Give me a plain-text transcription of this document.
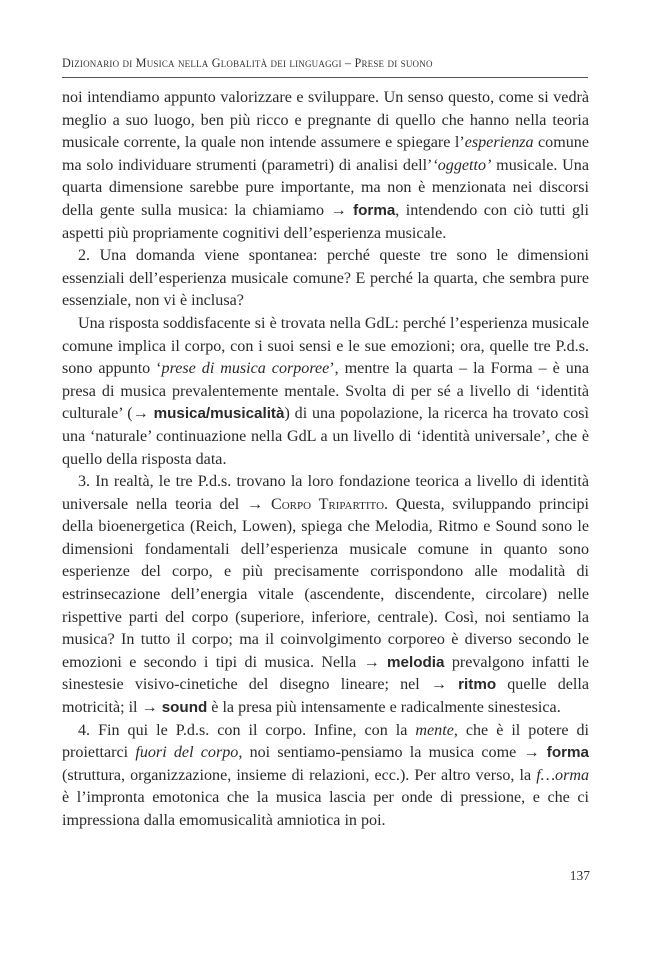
Dizionario di Musica nella Globalità dei linguaggi – Prese di suono

noi intendiamo appunto valorizzare e sviluppare. Un senso questo, come si vedrà meglio a suo luogo, ben più ricco e pregnante di quello che hanno nella teoria musicale corrente, la quale non intende assumere e spiegare l’esperienza comune ma solo individuare strumenti (parametri) di analisi dell’‘oggetto’ musicale. Una quarta dimensione sarebbe pure importante, ma non è menzionata nei discorsi della gente sulla musica: la chiamiamo → forma, intendendo con ciò tutti gli aspetti più propriamente cognitivi dell’esperienza musicale.

2. Una domanda viene spontanea: perché queste tre sono le dimensioni essenziali dell’esperienza musicale comune? E perché la quarta, che sembra pure essenziale, non vi è inclusa?

Una risposta soddisfacente si è trovata nella GdL: perché l’esperienza musicale comune implica il corpo, con i suoi sensi e le sue emozioni; ora, quelle tre P.d.s. sono appunto ‘prese di musica corporee’, mentre la quarta – la Forma – è una presa di musica prevalentemente mentale. Svolta di per sé a livello di ‘identità culturale’ (→ musica/musicalità) di una popolazione, la ricerca ha trovato così una ‘naturale’ continuazione nella GdL a un livello di ‘identità universale’, che è quello della risposta data.

3. In realtà, le tre P.d.s. trovano la loro fondazione teorica a livello di identità universale nella teoria del → Corpo Tripartito. Questa, sviluppando principi della bioenergetica (Reich, Lowen), spiega che Melodia, Ritmo e Sound sono le dimensioni fondamentali dell’esperienza musicale comune in quanto sono esperienze del corpo, e più precisamente corrispondono alle modalità di estrinsecazione dell’energia vitale (ascendente, discendente, circolare) nelle rispettive parti del corpo (superiore, inferiore, centrale). Così, noi sentiamo la musica? In tutto il corpo; ma il coinvolgimento corporeo è diverso secondo le emozioni e secondo i tipi di musica. Nella → melodia prevalgono infatti le sinestesie visivo-cinetiche del disegno lineare; nel → ritmo quelle della motricità; il → sound è la presa più intensamente e radicalmente sinestesica.

4. Fin qui le P.d.s. con il corpo. Infine, con la mente, che è il potere di proiettarci fuori del corpo, noi sentiamo-pensiamo la musica come → forma (struttura, organizzazione, insieme di relazioni, ecc.). Per altro verso, la f…orma è l’impronta emotonica che la musica lascia per onde di pressione, e che ci impressiona dalla emomusicalità amniotica in poi.

137
